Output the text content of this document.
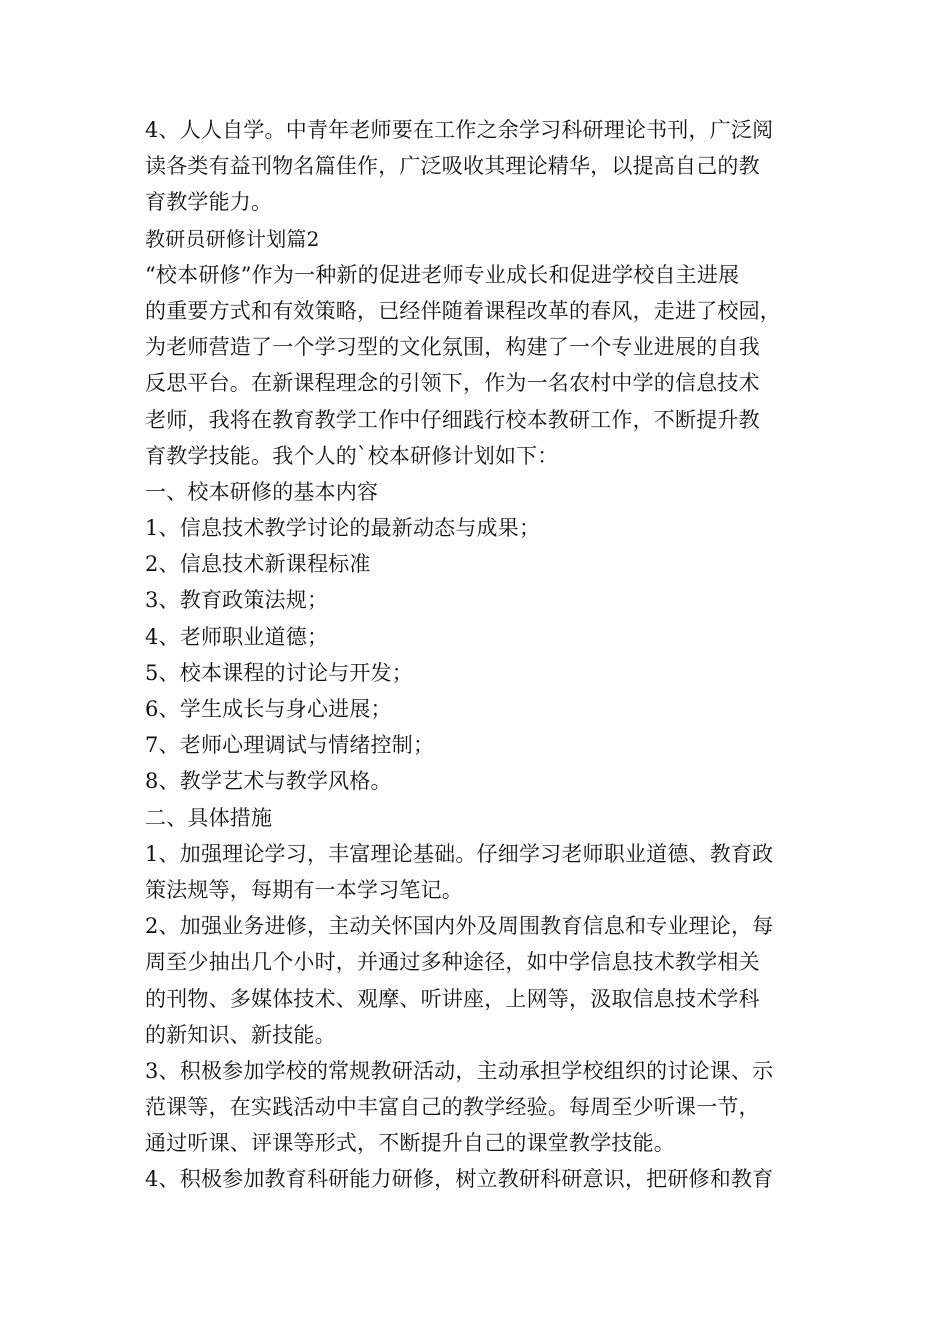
4、人人自学。中青年老师要在工作之余学习科研理论书刊，广泛阅
读各类有益刊物名篇佳作，广泛吸收其理论精华，以提高自己的教
育教学能力。
教研员研修计划篇2
“校本研修”作为一种新的促进老师专业成长和促进学校自主进展
的重要方式和有效策略，已经伴随着课程改革的春风，走进了校园，
为老师营造了一个学习型的文化氛围，构建了一个专业进展的自我
反思平台。在新课程理念的引领下，作为一名农村中学的信息技术
老师，我将在教育教学工作中仔细践行校本教研工作，不断提升教
育教学技能。我个人的`校本研修计划如下：
一、校本研修的基本内容
1、信息技术教学讨论的最新动态与成果；
2、信息技术新课程标准
3、教育政策法规；
4、老师职业道德；
5、校本课程的讨论与开发；
6、学生成长与身心进展；
7、老师心理调试与情绪控制；
8、教学艺术与教学风格。
二、具体措施
1、加强理论学习，丰富理论基础。仔细学习老师职业道德、教育政
策法规等，每期有一本学习笔记。
2、加强业务进修，主动关怀国内外及周围教育信息和专业理论，每
周至少抽出几个小时，并通过多种途径，如中学信息技术教学相关
的刊物、多媒体技术、观摩、听讲座，上网等，汲取信息技术学科
的新知识、新技能。
3、积极参加学校的常规教研活动，主动承担学校组织的讨论课、示
范课等，在实践活动中丰富自己的教学经验。每周至少听课一节，
通过听课、评课等形式，不断提升自己的课堂教学技能。
4、积极参加教育科研能力研修，树立教研科研意识，把研修和教育
